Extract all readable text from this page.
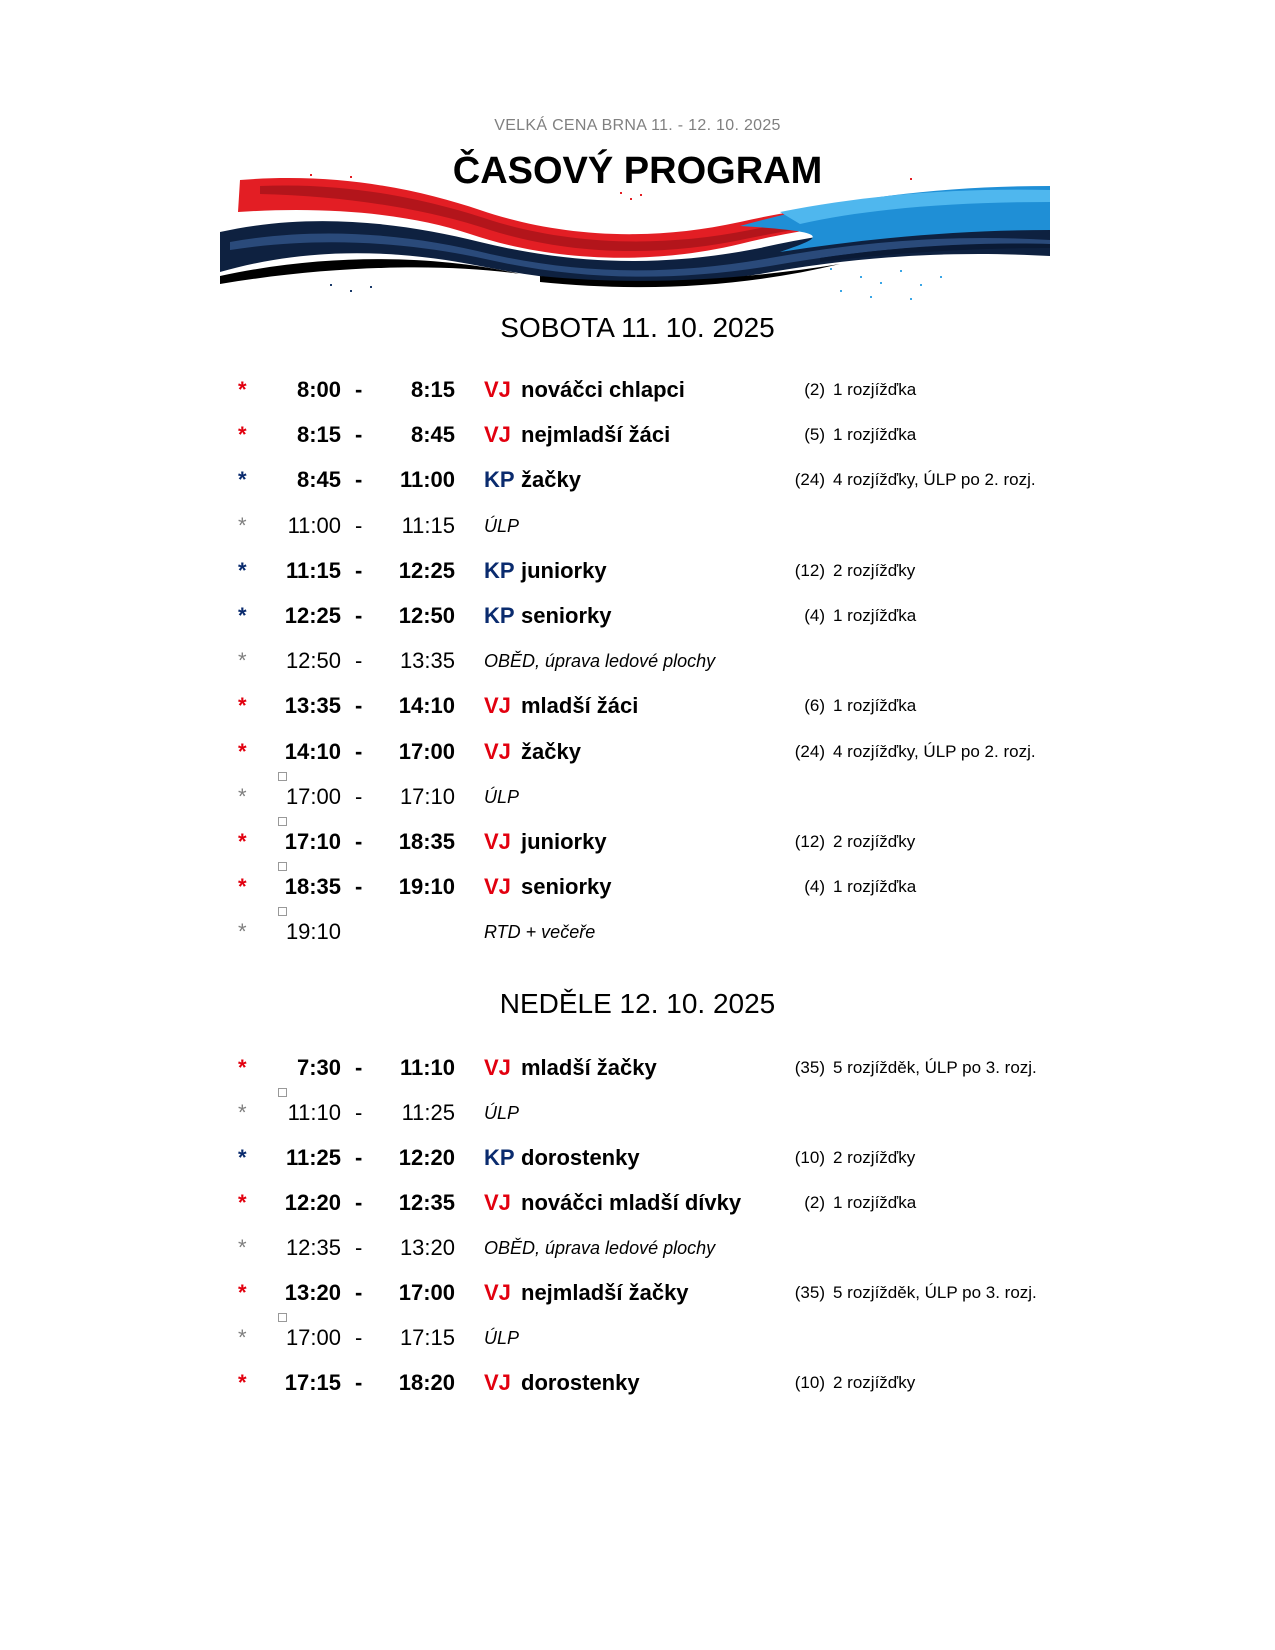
VELKÁ CENA BRNA 11. - 12. 10. 2025
ČASOVÝ PROGRAM
SOBOTA 11. 10. 2025
*	8:00 -	8:15 VJ nováčci chlapci	(2) 1 rozjížďka
*	8:15 -	8:45 VJ nejmladší žáci	(5) 1 rozjížďka
*	8:45 -	11:00 KP žačky	(24) 4 rozjížďky, ÚLP po 2. rozj.
*	11:00 -	11:15 ÚLP
*	11:15 -	12:25 KP juniorky	(12) 2 rozjížďky
*	12:25 -	12:50 KP seniorky	(4) 1 rozjížďka
*	12:50 -	13:35 OBĚD, úprava ledové plochy
*	13:35 -	14:10 VJ mladší žáci	(6) 1 rozjížďka
*	14:10 -	17:00 VJ žačky	(24) 4 rozjížďky, ÚLP po 2. rozj.
*	17:00 -	17:10 ÚLP
*	17:10 -	18:35 VJ juniorky	(12) 2 rozjížďky
*	18:35 -	19:10 VJ seniorky	(4) 1 rozjížďka
*	19:10	RTD + večeře
NEDĚLE 12. 10. 2025
*	7:30 -	11:10 VJ mladší žačky	(35) 5 rozjížděk, ÚLP po 3. rozj.
*	11:10 -	11:25 ÚLP
*	11:25 -	12:20 KP dorostenky	(10) 2 rozjížďky
*	12:20 -	12:35 VJ nováčci mladší dívky	(2) 1 rozjížďka
*	12:35 -	13:20 OBĚD, úprava ledové plochy
*	13:20 -	17:00 VJ nejmladší žačky	(35) 5 rozjížděk, ÚLP po 3. rozj.
*	17:00 -	17:15 ÚLP
*	17:15 -	18:20 VJ dorostenky	(10) 2 rozjížďky
